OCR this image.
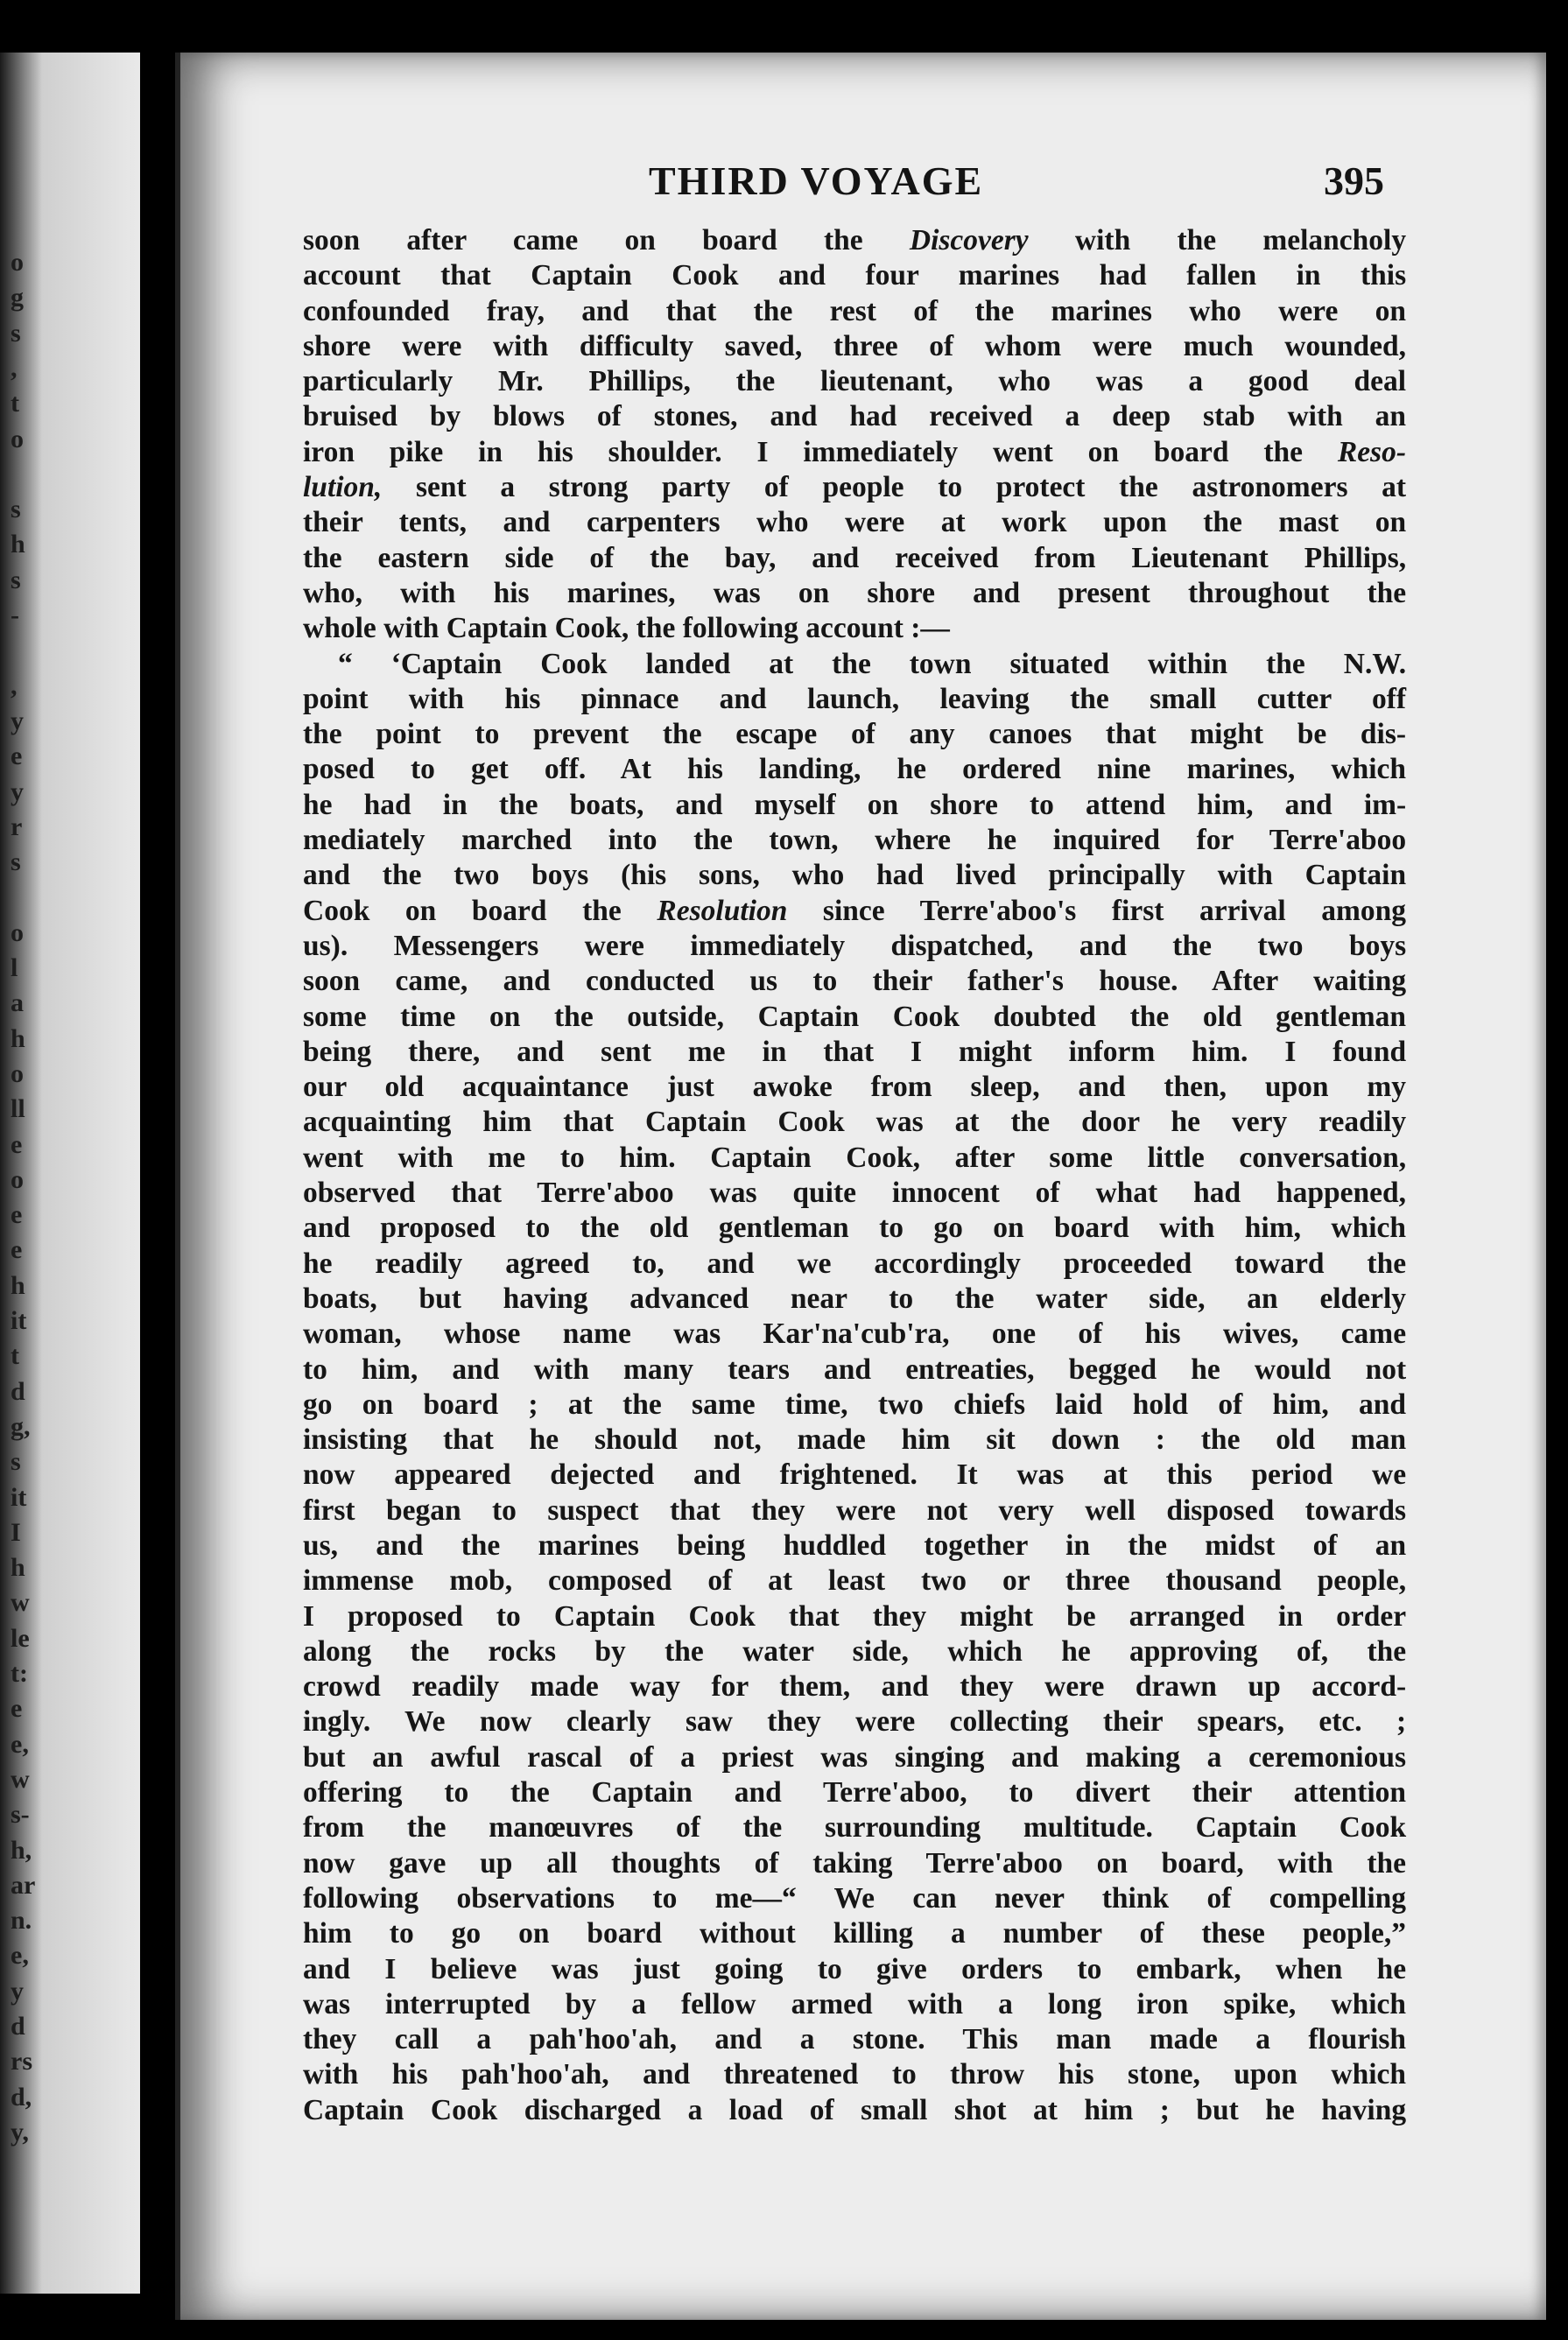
o
g
s
,
t
o
s
h
s
-
,
y
e
y
r
s
o
l
a
h
o
ll
e
o
e
e
h
it
t
d
g,
s
it
I
h
w
le
t:
e
e,
w
s-
h,
ar
n.
e,
y
d
rs
d,
y,
THIRD VOYAGE	395
soon after came on board the Discovery with the melancholy
account that Captain Cook and four marines had fallen in this
confounded fray, and that the rest of the marines who were on
shore were with difficulty saved, three of whom were much wounded,
particularly Mr. Phillips, the lieutenant, who was a good deal
bruised by blows of stones, and had received a deep stab with an
iron pike in his shoulder. I immediately went on board the Reso-
lution, sent a strong party of people to protect the astronomers at
their tents, and carpenters who were at work upon the mast on
the eastern side of the bay, and received from Lieutenant Phillips,
who, with his marines, was on shore and present throughout the
whole with Captain Cook, the following account :—
“ ‘Captain Cook landed at the town situated within the N.W.
point with his pinnace and launch, leaving the small cutter off
the point to prevent the escape of any canoes that might be dis-
posed to get off. At his landing, he ordered nine marines, which
he had in the boats, and myself on shore to attend him, and im-
mediately marched into the town, where he inquired for Terre'aboo
and the two boys (his sons, who had lived principally with Captain
Cook on board the Resolution since Terre'aboo's first arrival among
us). Messengers were immediately dispatched, and the two boys
soon came, and conducted us to their father's house. After waiting
some time on the outside, Captain Cook doubted the old gentleman
being there, and sent me in that I might inform him. I found
our old acquaintance just awoke from sleep, and then, upon my
acquainting him that Captain Cook was at the door he very readily
went with me to him. Captain Cook, after some little conversation,
observed that Terre'aboo was quite innocent of what had happened,
and proposed to the old gentleman to go on board with him, which
he readily agreed to, and we accordingly proceeded toward the
boats, but having advanced near to the water side, an elderly
woman, whose name was Kar'na'cub'ra, one of his wives, came
to him, and with many tears and entreaties, begged he would not
go on board ; at the same time, two chiefs laid hold of him, and
insisting that he should not, made him sit down : the old man
now appeared dejected and frightened. It was at this period we
first began to suspect that they were not very well disposed towards
us, and the marines being huddled together in the midst of an
immense mob, composed of at least two or three thousand people,
I proposed to Captain Cook that they might be arranged in order
along the rocks by the water side, which he approving of, the
crowd readily made way for them, and they were drawn up accord-
ingly. We now clearly saw they were collecting their spears, etc. ;
but an awful rascal of a priest was singing and making a ceremonious
offering to the Captain and Terre'aboo, to divert their attention
from the manœuvres of the surrounding multitude. Captain Cook
now gave up all thoughts of taking Terre'aboo on board, with the
following observations to me—“ We can never think of compelling
him to go on board without killing a number of these people,”
and I believe was just going to give orders to embark, when he
was interrupted by a fellow armed with a long iron spike, which
they call a pah'hoo'ah, and a stone. This man made a flourish
with his pah'hoo'ah, and threatened to throw his stone, upon which
Captain Cook discharged a load of small shot at him ; but he having
